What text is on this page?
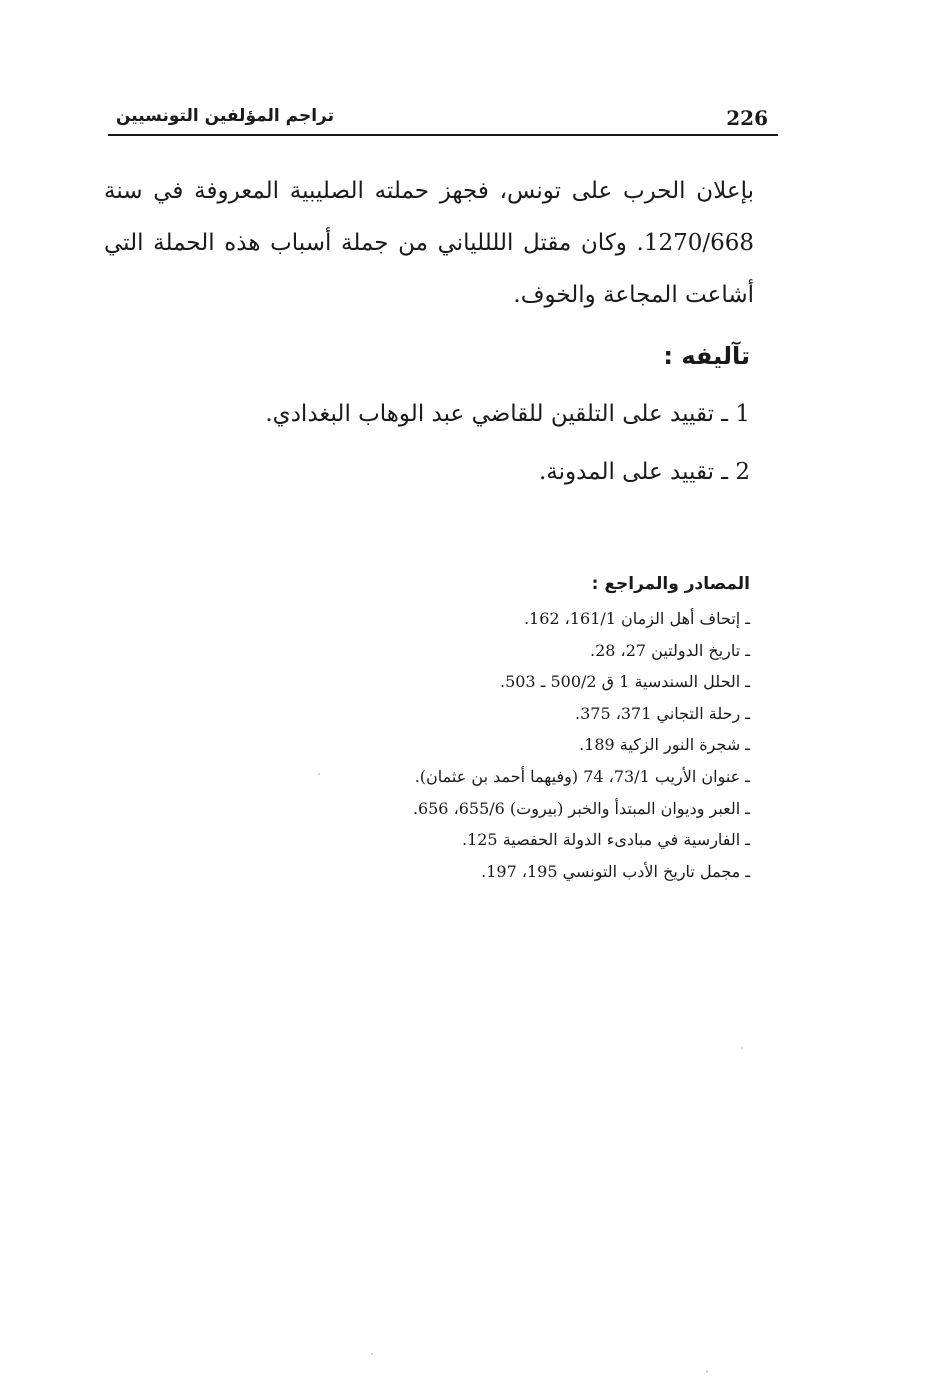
226
تراجم المؤلفين التونسيين

بإعلان الحرب على تونس، فجهز حملته الصليبية المعروفة في سنة 1270/668. وكان مقتل اللللياني من جملة أسباب هذه الحملة التي أشاعت المجاعة والخوف.

تآليفه :
1 ـ تقييد على التلقين للقاضي عبد الوهاب البغدادي.
2 ـ تقييد على المدونة.
المصادر والمراجع :
ـ إتحاف أهل الزمان 161/1، 162.
ـ تاريخ الدولتين 27، 28.
ـ الحلل السندسية 1 ق 500/2 ـ 503.
ـ رحلة التجاني 371، 375.
ـ شجرة النور الزكية 189.
ـ عنوان الأريب 73/1، 74 (وفيهما أحمد بن عثمان).
ـ العبر وديوان المبتدأ والخبر (بيروت) 655/6، 656.
ـ الفارسية في مبادىء الدولة الحفصية 125.
ـ مجمل تاريخ الأدب التونسي 195، 197.
